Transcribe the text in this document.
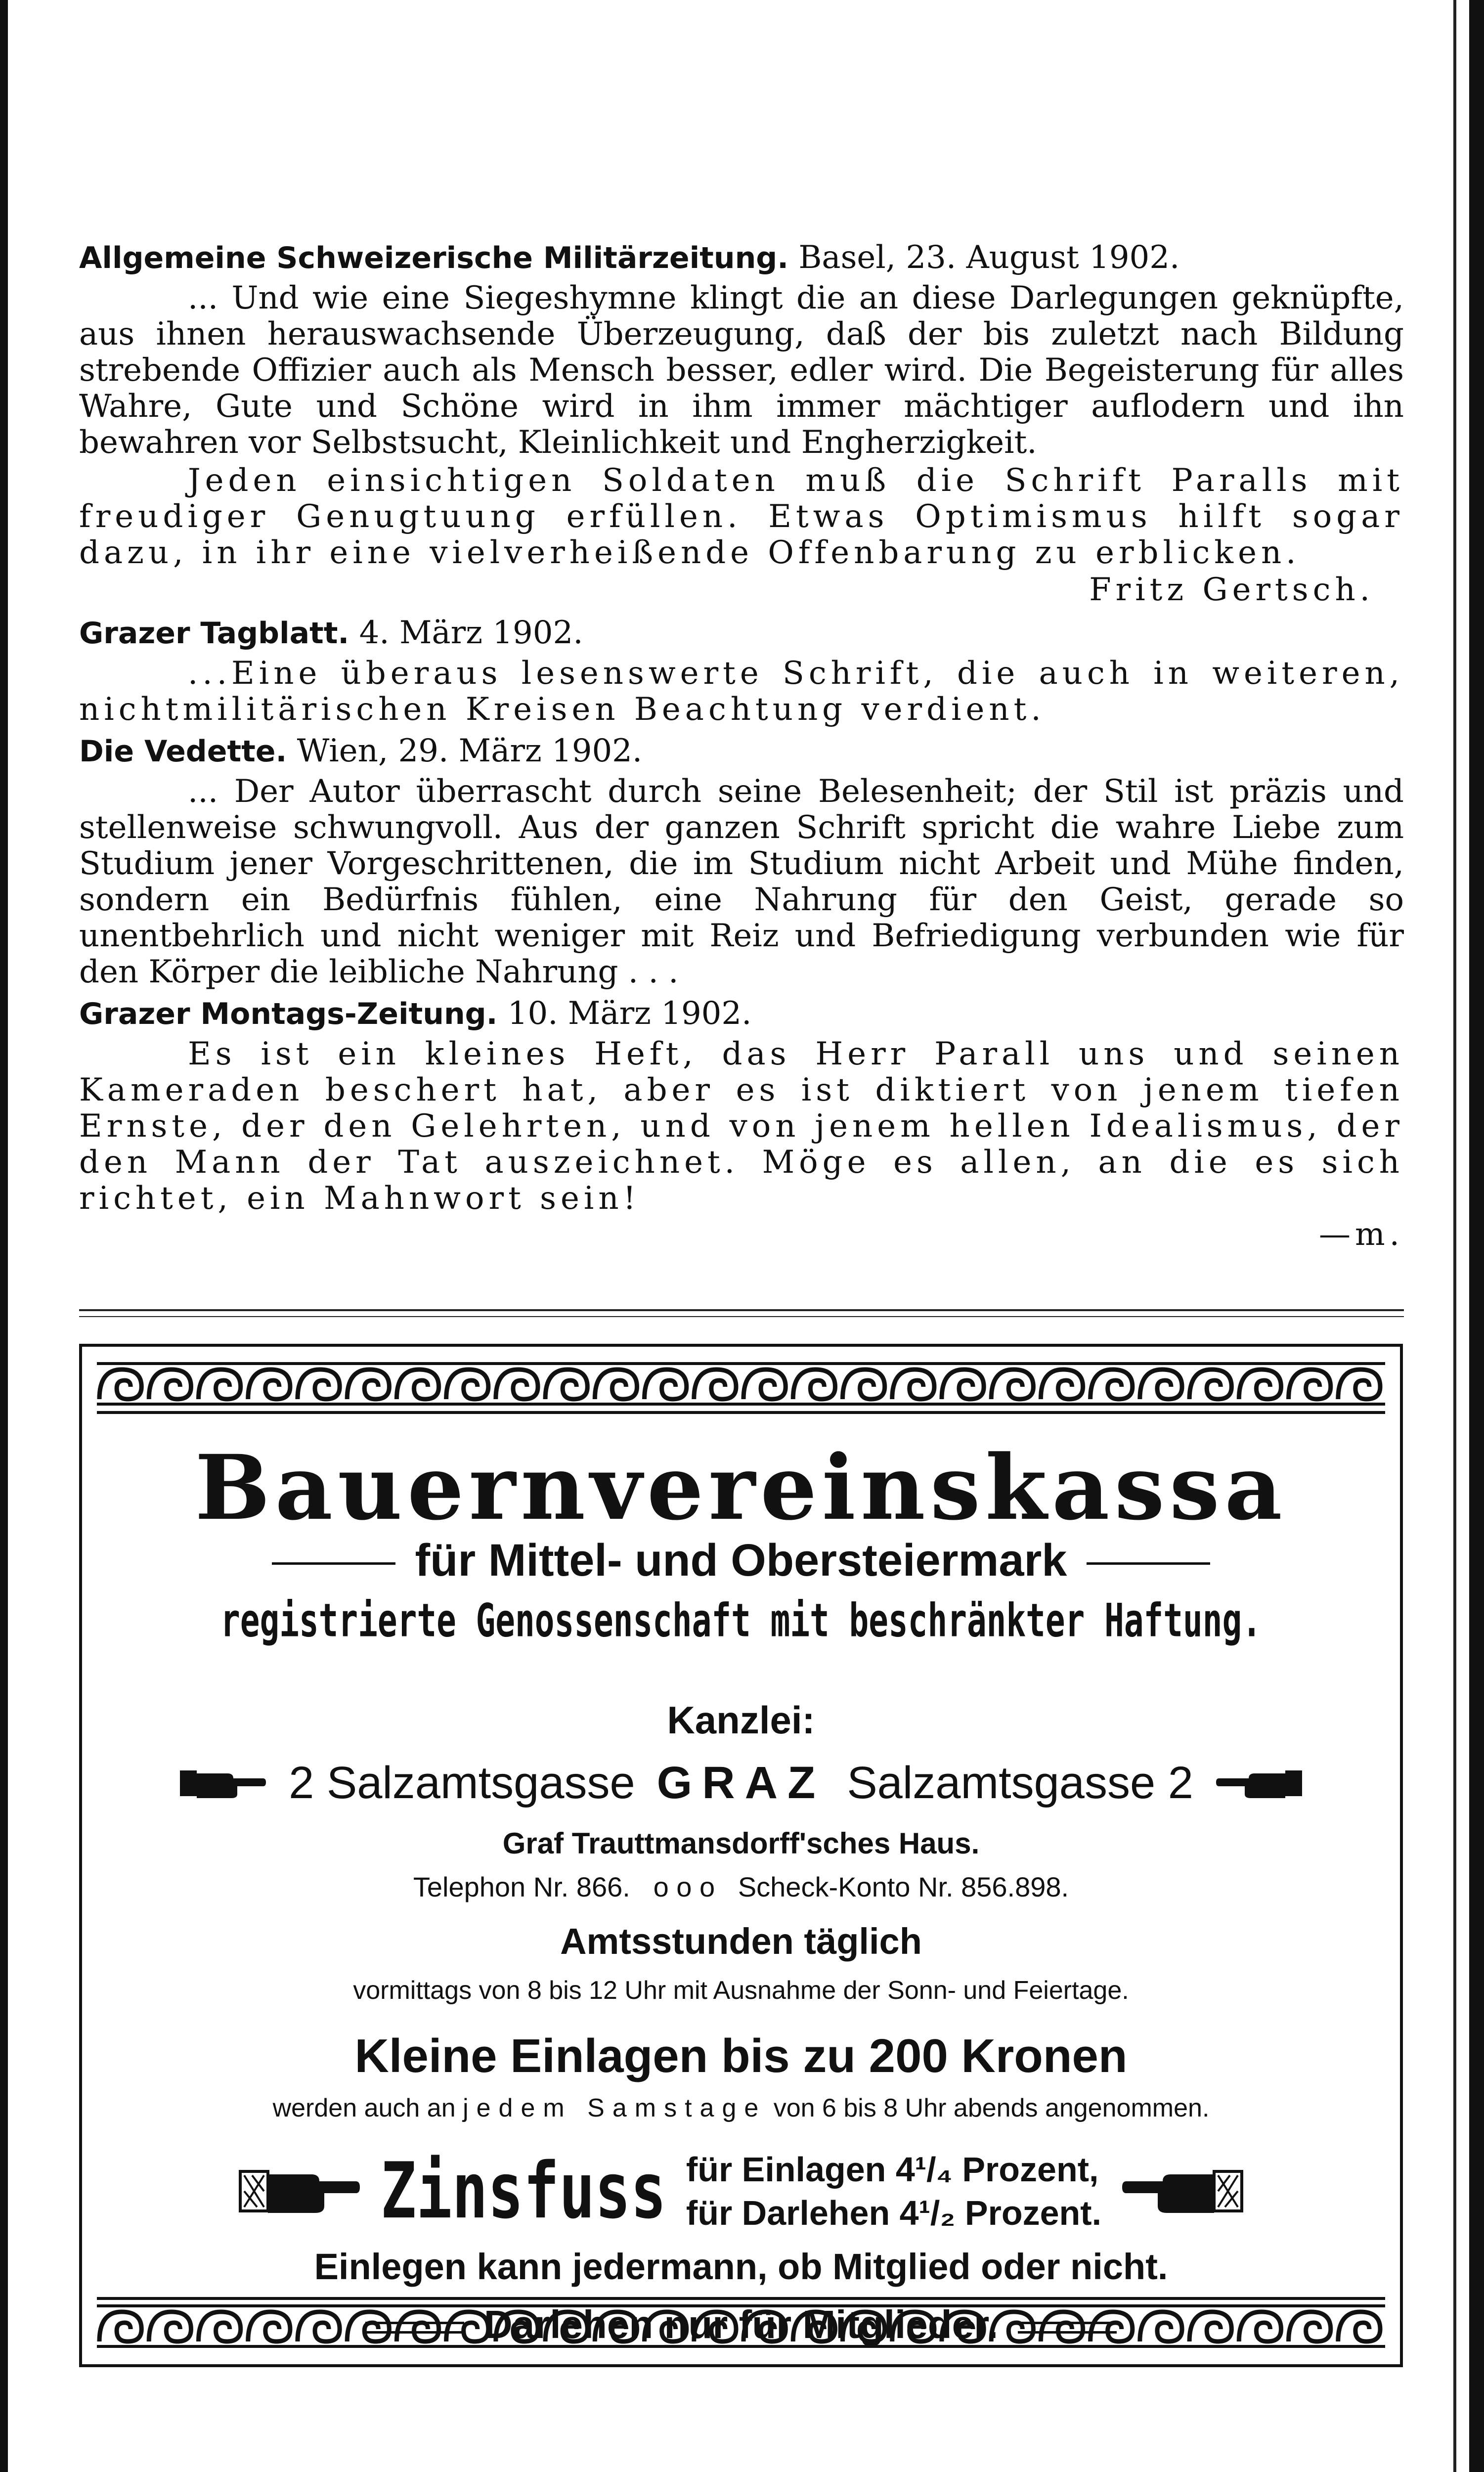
Allgemeine Schweizerische Militärzeitung. Basel, 23. August 1902.

... Und wie eine Siegeshymne klingt die an diese Darlegungen geknüpfte, aus ihnen herauswachsende Überzeugung, daß der bis zuletzt nach Bildung strebende Offizier auch als Mensch besser, edler wird. Die Begeisterung für alles Wahre, Gute und Schöne wird in ihm immer mächtiger auflodern und ihn bewahren vor Selbstsucht, Kleinlichkeit und Engherzigkeit.

Jeden einsichtigen Soldaten muß die Schrift Paralls mit freudiger Genugtuung erfüllen. Etwas Optimismus hilft sogar dazu, in ihr eine vielverheißende Offenbarung zu erblicken.

Fritz Gertsch.

Grazer Tagblatt. 4. März 1902.

...Eine überaus lesenswerte Schrift, die auch in weiteren, nichtmilitärischen Kreisen Beachtung verdient.

Die Vedette. Wien, 29. März 1902.

... Der Autor überrascht durch seine Belesenheit; der Stil ist präzis und stellenweise schwungvoll. Aus der ganzen Schrift spricht die wahre Liebe zum Studium jener Vorgeschrittenen, die im Studium nicht Arbeit und Mühe finden, sondern ein Bedürfnis fühlen, eine Nahrung für den Geist, gerade so unentbehrlich und nicht weniger mit Reiz und Befriedigung verbunden wie für den Körper die leibliche Nahrung . . .

Grazer Montags-Zeitung. 10. März 1902.

Es ist ein kleines Heft, das Herr Parall uns und seinen Kameraden beschert hat, aber es ist diktiert von jenem tiefen Ernste, der den Gelehrten, und von jenem hellen Idealismus, der den Mann der Tat auszeichnet. Möge es allen, an die es sich richtet, ein Mahnwort sein!
—m.

Bauernvereinskassa
für Mittel- und Obersteiermark
registrierte Genossenschaft mit beschränkter Haftung.
Kanzlei:
2 Salzamtsgasse GRAZ Salzamtsgasse 2
Graf Trauttmansdorff'sches Haus.
Telephon Nr. 866. o o o Scheck-Konto Nr. 856.898.
Amtsstunden täglich
vormittags von 8 bis 12 Uhr mit Ausnahme der Sonn- und Feiertage.
Kleine Einlagen bis zu 200 Kronen
werden auch an jedem Samstage von 6 bis 8 Uhr abends angenommen.
Zinsfuss für Einlagen 4¹/₄ Prozent,
für Darlehen 4¹/₂ Prozent.
Einlegen kann jedermann, ob Mitglied oder nicht.
